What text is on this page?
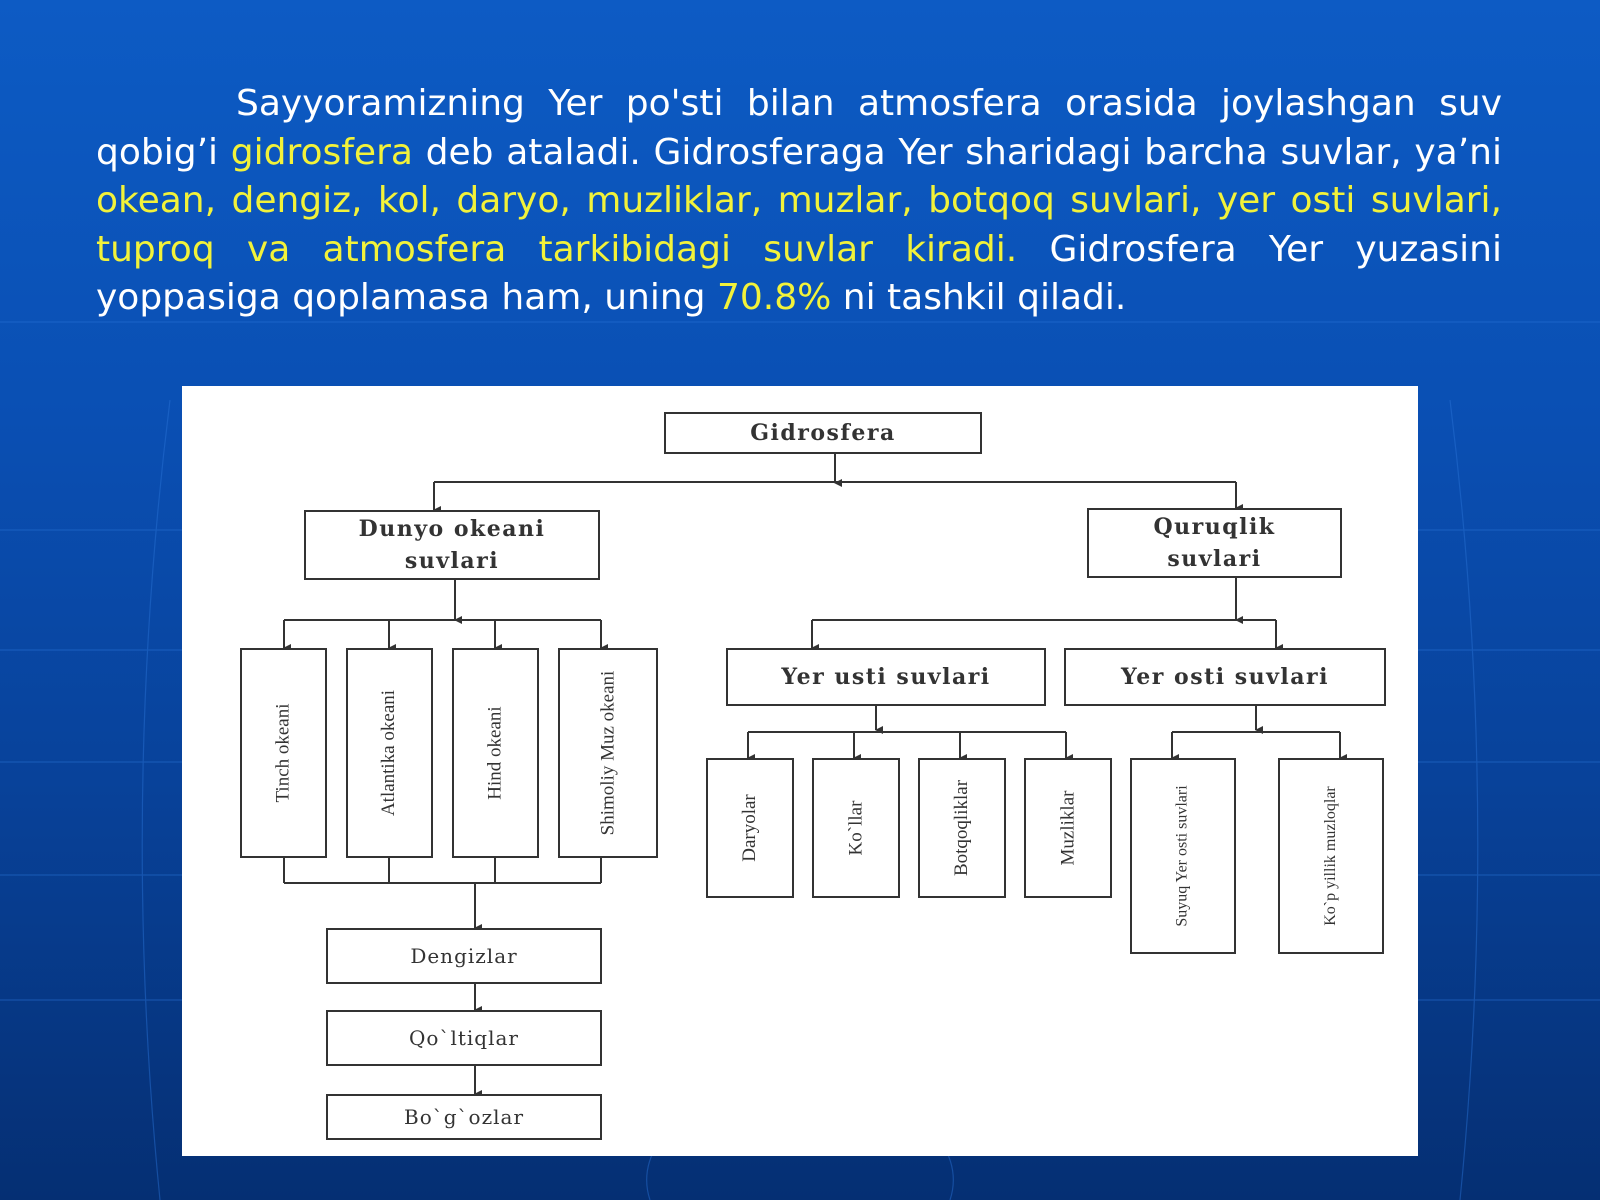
Sayyoramizning Yer po'sti bilan atmosfera orasida joylashgan suv qobig’i gidrosfera deb ataladi. Gidrosferaga Yer sharidagi barcha suvlar, ya’ni okean, dengiz, kol, daryo, muzliklar, muzlar, botqoq suvlari, yer osti suvlari, tuproq va atmosfera tarkibidagi suvlar kiradi. Gidrosfera Yer yuzasini yoppasiga qoplamasa ham, uning 70.8% ni tashkil qiladi.
Gidrosfera
Dunyo okeani suvlari
Quruqlik suvlari
Tinch okeani	Atlantika okeani	Hind okeani	Shimoliy Muz okeani
Dengizlar
Qo`ltiqlar
Bo`g`ozlar
Yer usti suvlari	Yer osti suvlari
Daryolar	Ko`llar	Botqoqliklar	Muzliklar	Suyuq Yer osti suvlari	Ko`p yillik muzloqlar
